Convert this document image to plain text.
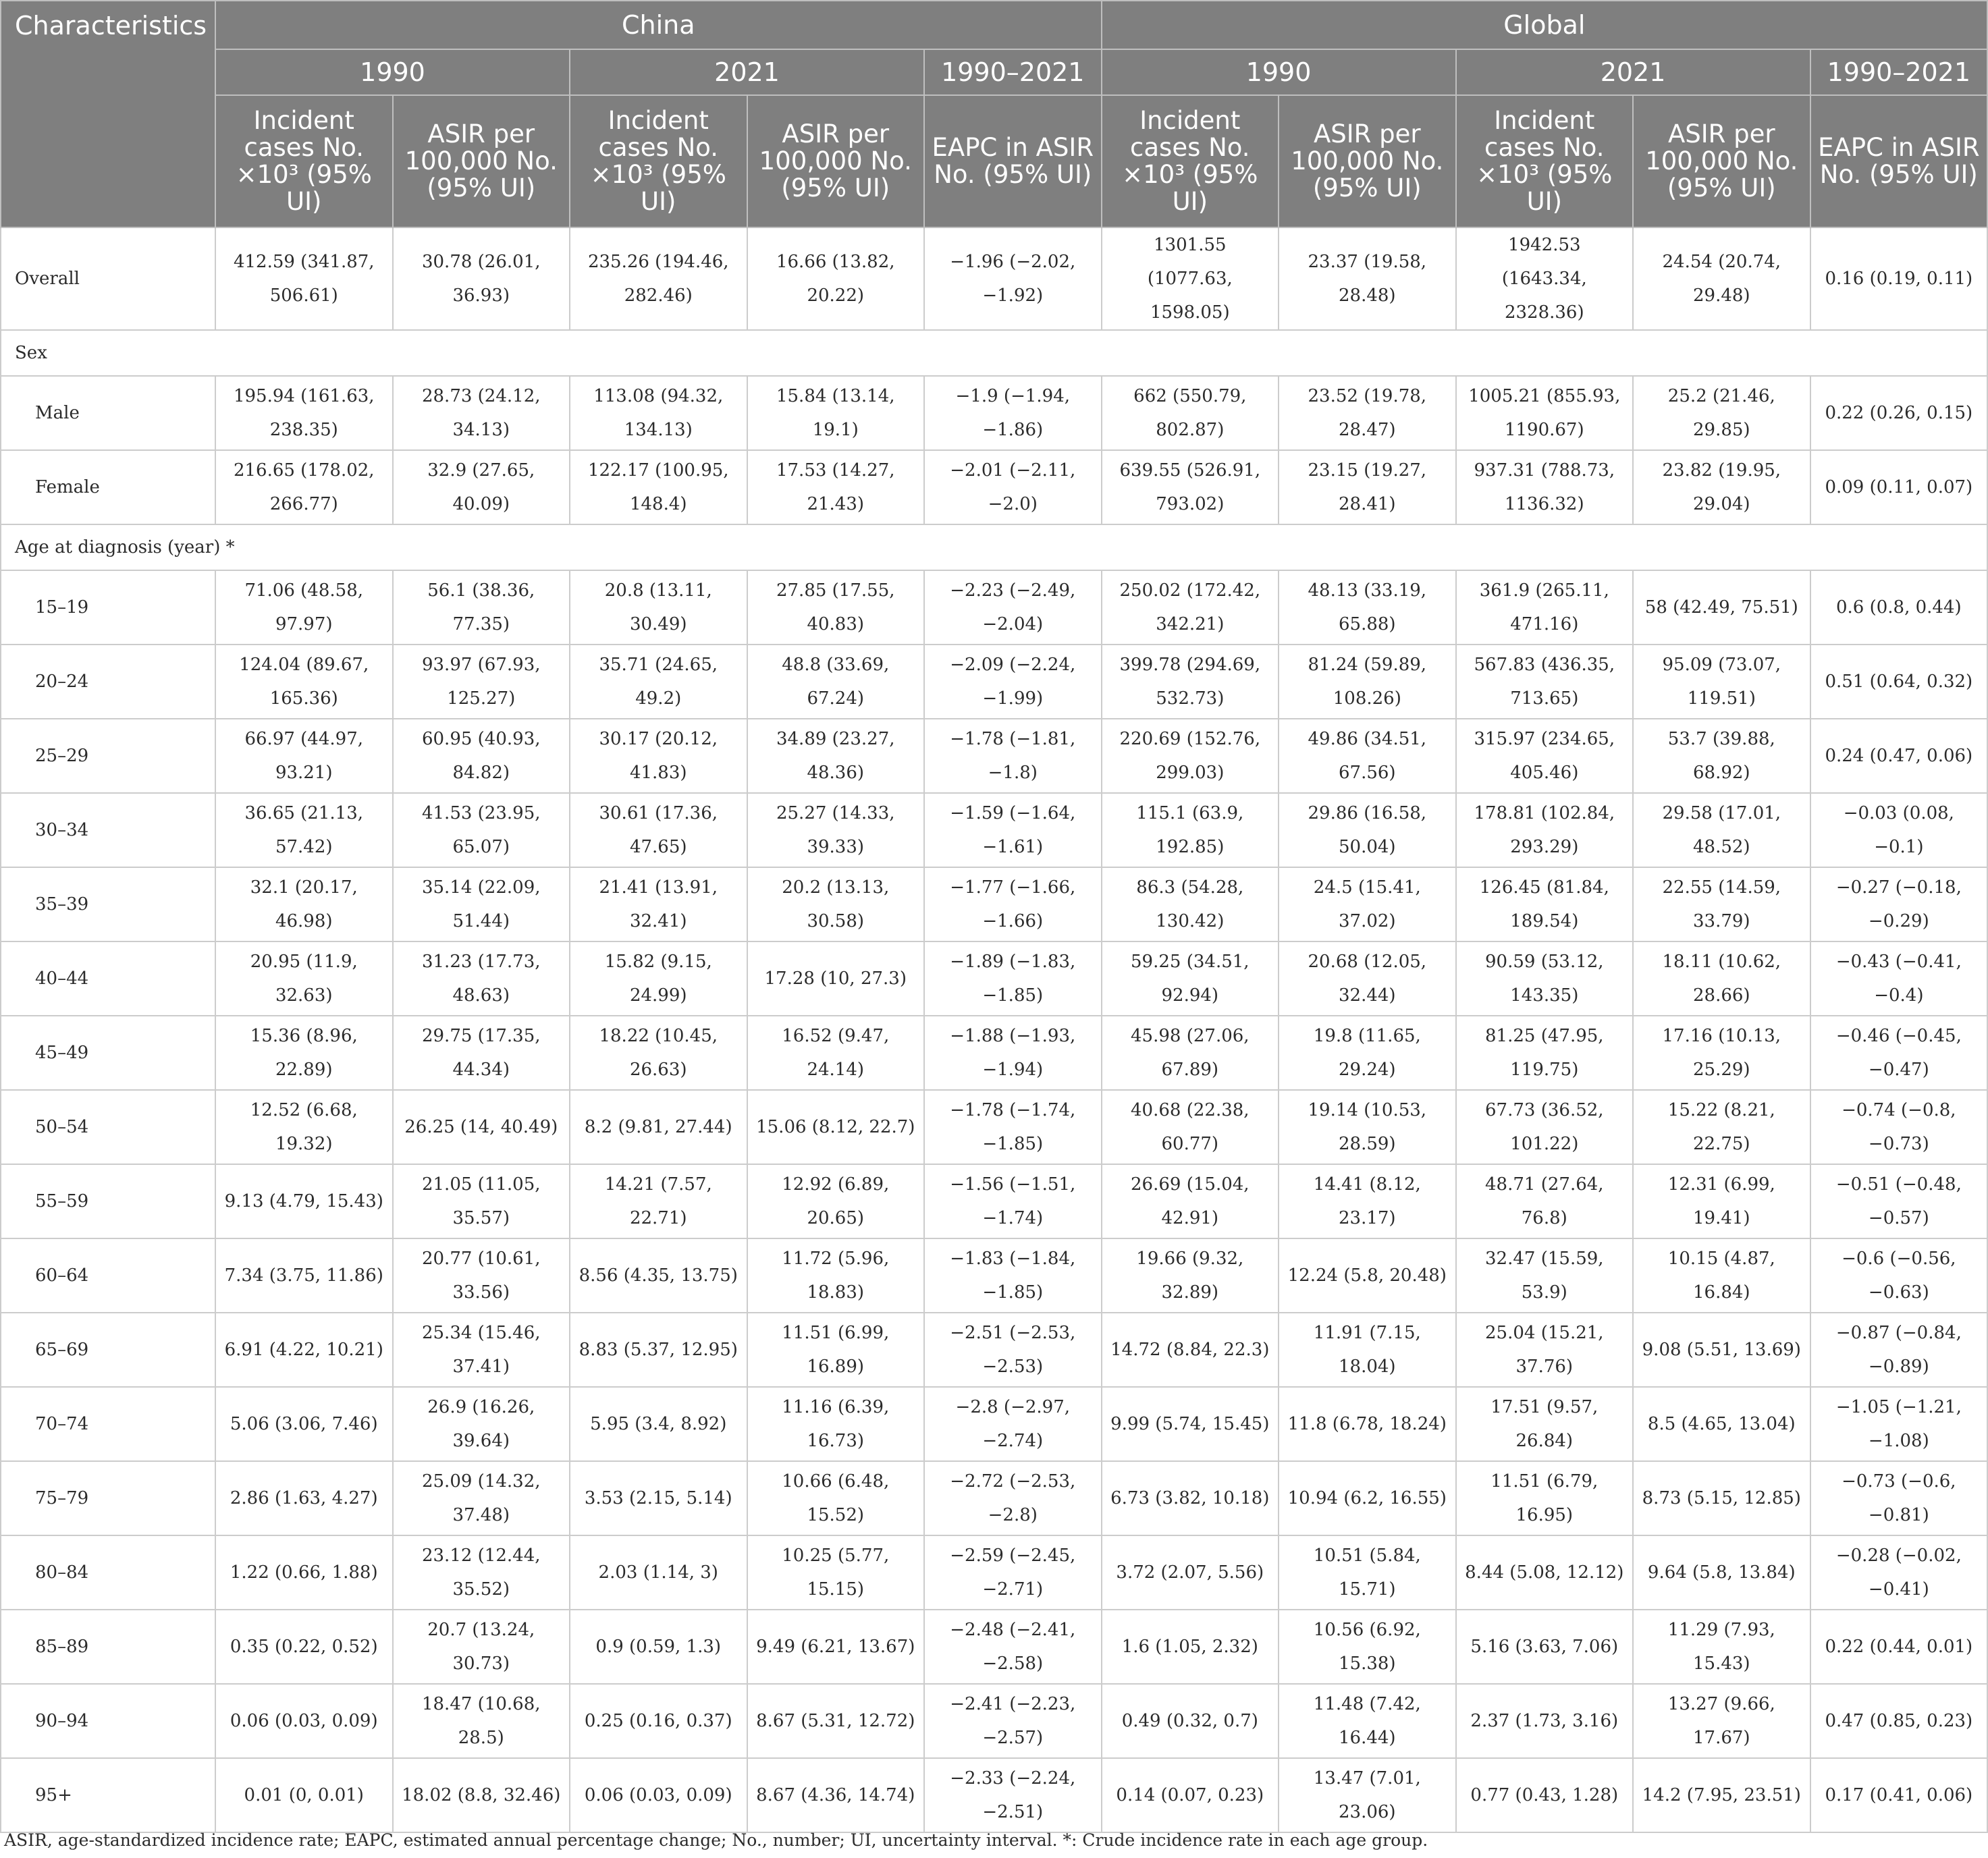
Characteristics	China					Global				
	1990		2021		1990–2021	1990		2021		1990–2021
	Incident cases No. ×10³ (95% UI)	ASIR per 100,000 No. (95% UI)	Incident cases No. ×10³ (95% UI)	ASIR per 100,000 No. (95% UI)	EAPC in ASIR No. (95% UI)	Incident cases No. ×10³ (95% UI)	ASIR per 100,000 No. (95% UI)	Incident cases No. ×10³ (95% UI)	ASIR per 100,000 No. (95% UI)	EAPC in ASIR No. (95% UI)
Overall	412.59 (341.87, 506.61)	30.78 (26.01, 36.93)	235.26 (194.46, 282.46)	16.66 (13.82, 20.22)	−1.96 (−2.02, −1.92)	1301.55 (1077.63, 1598.05)	23.37 (19.58, 28.48)	1942.53 (1643.34, 2328.36)	24.54 (20.74, 29.48)	0.16 (0.19, 0.11)
Sex										
Male	195.94 (161.63, 238.35)	28.73 (24.12, 34.13)	113.08 (94.32, 134.13)	15.84 (13.14, 19.1)	−1.9 (−1.94, −1.86)	662 (550.79, 802.87)	23.52 (19.78, 28.47)	1005.21 (855.93, 1190.67)	25.2 (21.46, 29.85)	0.22 (0.26, 0.15)
Female	216.65 (178.02, 266.77)	32.9 (27.65, 40.09)	122.17 (100.95, 148.4)	17.53 (14.27, 21.43)	−2.01 (−2.11, −2.0)	639.55 (526.91, 793.02)	23.15 (19.27, 28.41)	937.31 (788.73, 1136.32)	23.82 (19.95, 29.04)	0.09 (0.11, 0.07)
Age at diagnosis (year) *										
15–19	71.06 (48.58, 97.97)	56.1 (38.36, 77.35)	20.8 (13.11, 30.49)	27.85 (17.55, 40.83)	−2.23 (−2.49, −2.04)	250.02 (172.42, 342.21)	48.13 (33.19, 65.88)	361.9 (265.11, 471.16)	58 (42.49, 75.51)	0.6 (0.8, 0.44)
20–24	124.04 (89.67, 165.36)	93.97 (67.93, 125.27)	35.71 (24.65, 49.2)	48.8 (33.69, 67.24)	−2.09 (−2.24, −1.99)	399.78 (294.69, 532.73)	81.24 (59.89, 108.26)	567.83 (436.35, 713.65)	95.09 (73.07, 119.51)	0.51 (0.64, 0.32)
25–29	66.97 (44.97, 93.21)	60.95 (40.93, 84.82)	30.17 (20.12, 41.83)	34.89 (23.27, 48.36)	−1.78 (−1.81, −1.8)	220.69 (152.76, 299.03)	49.86 (34.51, 67.56)	315.97 (234.65, 405.46)	53.7 (39.88, 68.92)	0.24 (0.47, 0.06)
30–34	36.65 (21.13, 57.42)	41.53 (23.95, 65.07)	30.61 (17.36, 47.65)	25.27 (14.33, 39.33)	−1.59 (−1.64, −1.61)	115.1 (63.9, 192.85)	29.86 (16.58, 50.04)	178.81 (102.84, 293.29)	29.58 (17.01, 48.52)	−0.03 (0.08, −0.1)
35–39	32.1 (20.17, 46.98)	35.14 (22.09, 51.44)	21.41 (13.91, 32.41)	20.2 (13.13, 30.58)	−1.77 (−1.66, −1.66)	86.3 (54.28, 130.42)	24.5 (15.41, 37.02)	126.45 (81.84, 189.54)	22.55 (14.59, 33.79)	−0.27 (−0.18, −0.29)
40–44	20.95 (11.9, 32.63)	31.23 (17.73, 48.63)	15.82 (9.15, 24.99)	17.28 (10, 27.3)	−1.89 (−1.83, −1.85)	59.25 (34.51, 92.94)	20.68 (12.05, 32.44)	90.59 (53.12, 143.35)	18.11 (10.62, 28.66)	−0.43 (−0.41, −0.4)
45–49	15.36 (8.96, 22.89)	29.75 (17.35, 44.34)	18.22 (10.45, 26.63)	16.52 (9.47, 24.14)	−1.88 (−1.93, −1.94)	45.98 (27.06, 67.89)	19.8 (11.65, 29.24)	81.25 (47.95, 119.75)	17.16 (10.13, 25.29)	−0.46 (−0.45, −0.47)
50–54	12.52 (6.68, 19.32)	26.25 (14, 40.49)	8.2 (9.81, 27.44)	15.06 (8.12, 22.7)	−1.78 (−1.74, −1.85)	40.68 (22.38, 60.77)	19.14 (10.53, 28.59)	67.73 (36.52, 101.22)	15.22 (8.21, 22.75)	−0.74 (−0.8, −0.73)
55–59	9.13 (4.79, 15.43)	21.05 (11.05, 35.57)	14.21 (7.57, 22.71)	12.92 (6.89, 20.65)	−1.56 (−1.51, −1.74)	26.69 (15.04, 42.91)	14.41 (8.12, 23.17)	48.71 (27.64, 76.8)	12.31 (6.99, 19.41)	−0.51 (−0.48, −0.57)
60–64	7.34 (3.75, 11.86)	20.77 (10.61, 33.56)	8.56 (4.35, 13.75)	11.72 (5.96, 18.83)	−1.83 (−1.84, −1.85)	19.66 (9.32, 32.89)	12.24 (5.8, 20.48)	32.47 (15.59, 53.9)	10.15 (4.87, 16.84)	−0.6 (−0.56, −0.63)
65–69	6.91 (4.22, 10.21)	25.34 (15.46, 37.41)	8.83 (5.37, 12.95)	11.51 (6.99, 16.89)	−2.51 (−2.53, −2.53)	14.72 (8.84, 22.3)	11.91 (7.15, 18.04)	25.04 (15.21, 37.76)	9.08 (5.51, 13.69)	−0.87 (−0.84, −0.89)
70–74	5.06 (3.06, 7.46)	26.9 (16.26, 39.64)	5.95 (3.4, 8.92)	11.16 (6.39, 16.73)	−2.8 (−2.97, −2.74)	9.99 (5.74, 15.45)	11.8 (6.78, 18.24)	17.51 (9.57, 26.84)	8.5 (4.65, 13.04)	−1.05 (−1.21, −1.08)
75–79	2.86 (1.63, 4.27)	25.09 (14.32, 37.48)	3.53 (2.15, 5.14)	10.66 (6.48, 15.52)	−2.72 (−2.53, −2.8)	6.73 (3.82, 10.18)	10.94 (6.2, 16.55)	11.51 (6.79, 16.95)	8.73 (5.15, 12.85)	−0.73 (−0.6, −0.81)
80–84	1.22 (0.66, 1.88)	23.12 (12.44, 35.52)	2.03 (1.14, 3)	10.25 (5.77, 15.15)	−2.59 (−2.45, −2.71)	3.72 (2.07, 5.56)	10.51 (5.84, 15.71)	8.44 (5.08, 12.12)	9.64 (5.8, 13.84)	−0.28 (−0.02, −0.41)
85–89	0.35 (0.22, 0.52)	20.7 (13.24, 30.73)	0.9 (0.59, 1.3)	9.49 (6.21, 13.67)	−2.48 (−2.41, −2.58)	1.6 (1.05, 2.32)	10.56 (6.92, 15.38)	5.16 (3.63, 7.06)	11.29 (7.93, 15.43)	0.22 (0.44, 0.01)
90–94	0.06 (0.03, 0.09)	18.47 (10.68, 28.5)	0.25 (0.16, 0.37)	8.67 (5.31, 12.72)	−2.41 (−2.23, −2.57)	0.49 (0.32, 0.7)	11.48 (7.42, 16.44)	2.37 (1.73, 3.16)	13.27 (9.66, 17.67)	0.47 (0.85, 0.23)
95+	0.01 (0, 0.01)	18.02 (8.8, 32.46)	0.06 (0.03, 0.09)	8.67 (4.36, 14.74)	−2.33 (−2.24, −2.51)	0.14 (0.07, 0.23)	13.47 (7.01, 23.06)	0.77 (0.43, 1.28)	14.2 (7.95, 23.51)	0.17 (0.41, 0.06)
ASIR, age-standardized incidence rate; EAPC, estimated annual percentage change; No., number; UI, uncertainty interval. *: Crude incidence rate in each age group.
